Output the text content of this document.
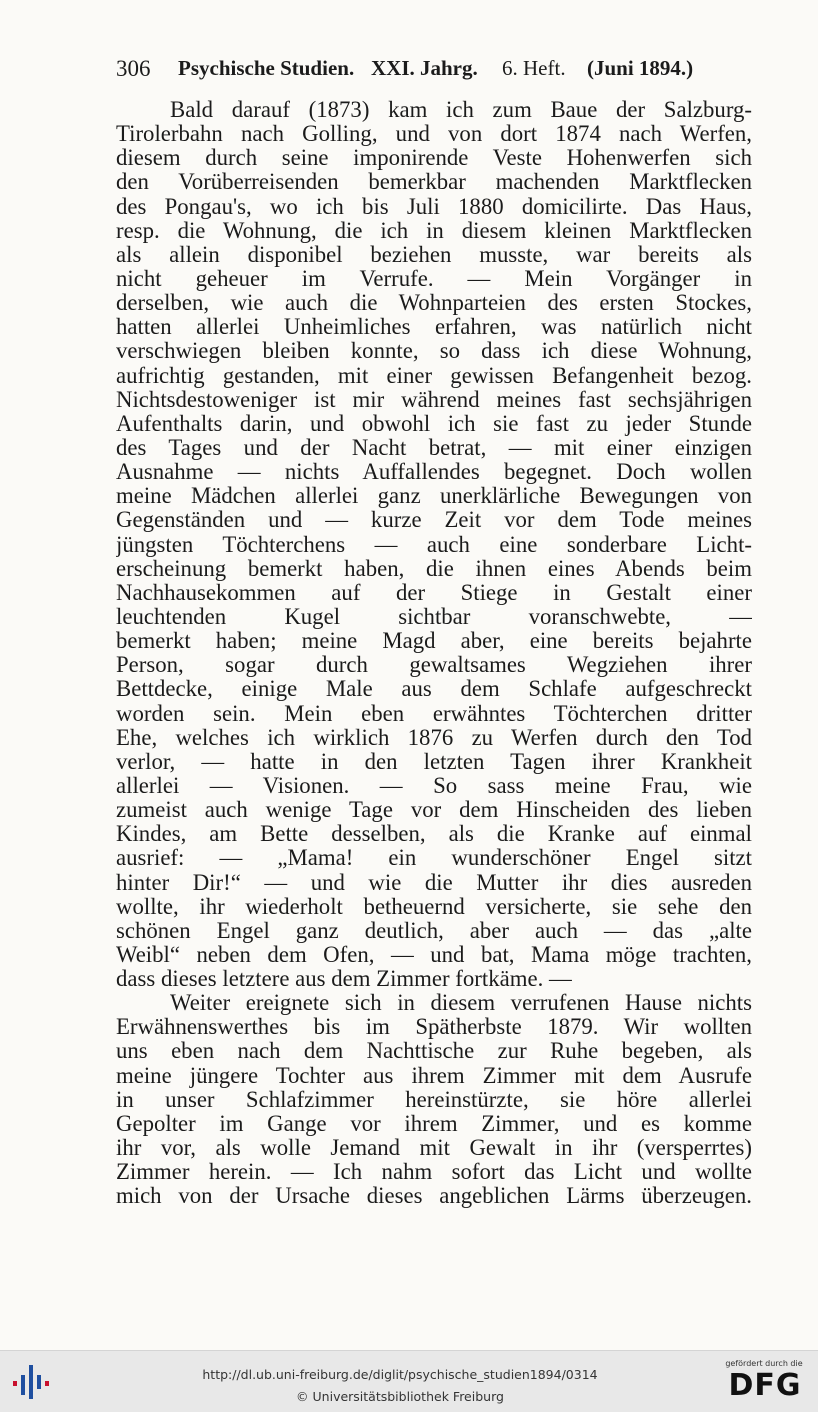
306 Psychische Studien. XXI. Jahrg. 6. Heft. (Juni 1894.)
Bald darauf (1873) kam ich zum Baue der Salzburg-
Tirolerbahn nach Golling, und von dort 1874 nach Werfen,
diesem durch seine imponirende Veste Hohenwerfen sich
den Vorüberreisenden bemerkbar machenden Marktflecken
des Pongau's, wo ich bis Juli 1880 domicilirte. Das Haus,
resp. die Wohnung, die ich in diesem kleinen Marktflecken
als allein disponibel beziehen musste, war bereits als
nicht geheuer im Verrufe. — Mein Vorgänger in
derselben, wie auch die Wohnparteien des ersten Stockes,
hatten allerlei Unheimliches erfahren, was natürlich nicht
verschwiegen bleiben konnte, so dass ich diese Wohnung,
aufrichtig gestanden, mit einer gewissen Befangenheit bezog.
Nichtsdestoweniger ist mir während meines fast sechsjährigen
Aufenthalts darin, und obwohl ich sie fast zu jeder Stunde
des Tages und der Nacht betrat, — mit einer einzigen
Ausnahme — nichts Auffallendes begegnet. Doch wollen
meine Mädchen allerlei ganz unerklärliche Bewegungen von
Gegenständen und — kurze Zeit vor dem Tode meines
jüngsten Töchterchens — auch eine sonderbare Licht-
erscheinung bemerkt haben, die ihnen eines Abends beim
Nachhausekommen auf der Stiege in Gestalt einer
leuchtenden Kugel sichtbar voranschwebte, —
bemerkt haben; meine Magd aber, eine bereits bejahrte
Person, sogar durch gewaltsames Wegziehen ihrer
Bettdecke, einige Male aus dem Schlafe aufgeschreckt
worden sein. Mein eben erwähntes Töchterchen dritter
Ehe, welches ich wirklich 1876 zu Werfen durch den Tod
verlor, — hatte in den letzten Tagen ihrer Krankheit
allerlei — Visionen. — So sass meine Frau, wie
zumeist auch wenige Tage vor dem Hinscheiden des lieben
Kindes, am Bette desselben, als die Kranke auf einmal
ausrief: — „Mama! ein wunderschöner Engel sitzt
hinter Dir!“ — und wie die Mutter ihr dies ausreden
wollte, ihr wiederholt betheuernd versicherte, sie sehe den
schönen Engel ganz deutlich, aber auch — das „alte
Weibl“ neben dem Ofen, — und bat, Mama möge trachten,
dass dieses letztere aus dem Zimmer fortkäme. —
Weiter ereignete sich in diesem verrufenen Hause nichts
Erwähnenswerthes bis im Spätherbste 1879. Wir wollten
uns eben nach dem Nachttische zur Ruhe begeben, als
meine jüngere Tochter aus ihrem Zimmer mit dem Ausrufe
in unser Schlafzimmer hereinstürzte, sie höre allerlei
Gepolter im Gange vor ihrem Zimmer, und es komme
ihr vor, als wolle Jemand mit Gewalt in ihr (versperrtes)
Zimmer herein. — Ich nahm sofort das Licht und wollte
mich von der Ursache dieses angeblichen Lärms überzeugen.
http://dl.ub.uni-freiburg.de/diglit/psychische_studien1894/0314
© Universitätsbibliothek Freiburg
gefördert durch die
DFG
